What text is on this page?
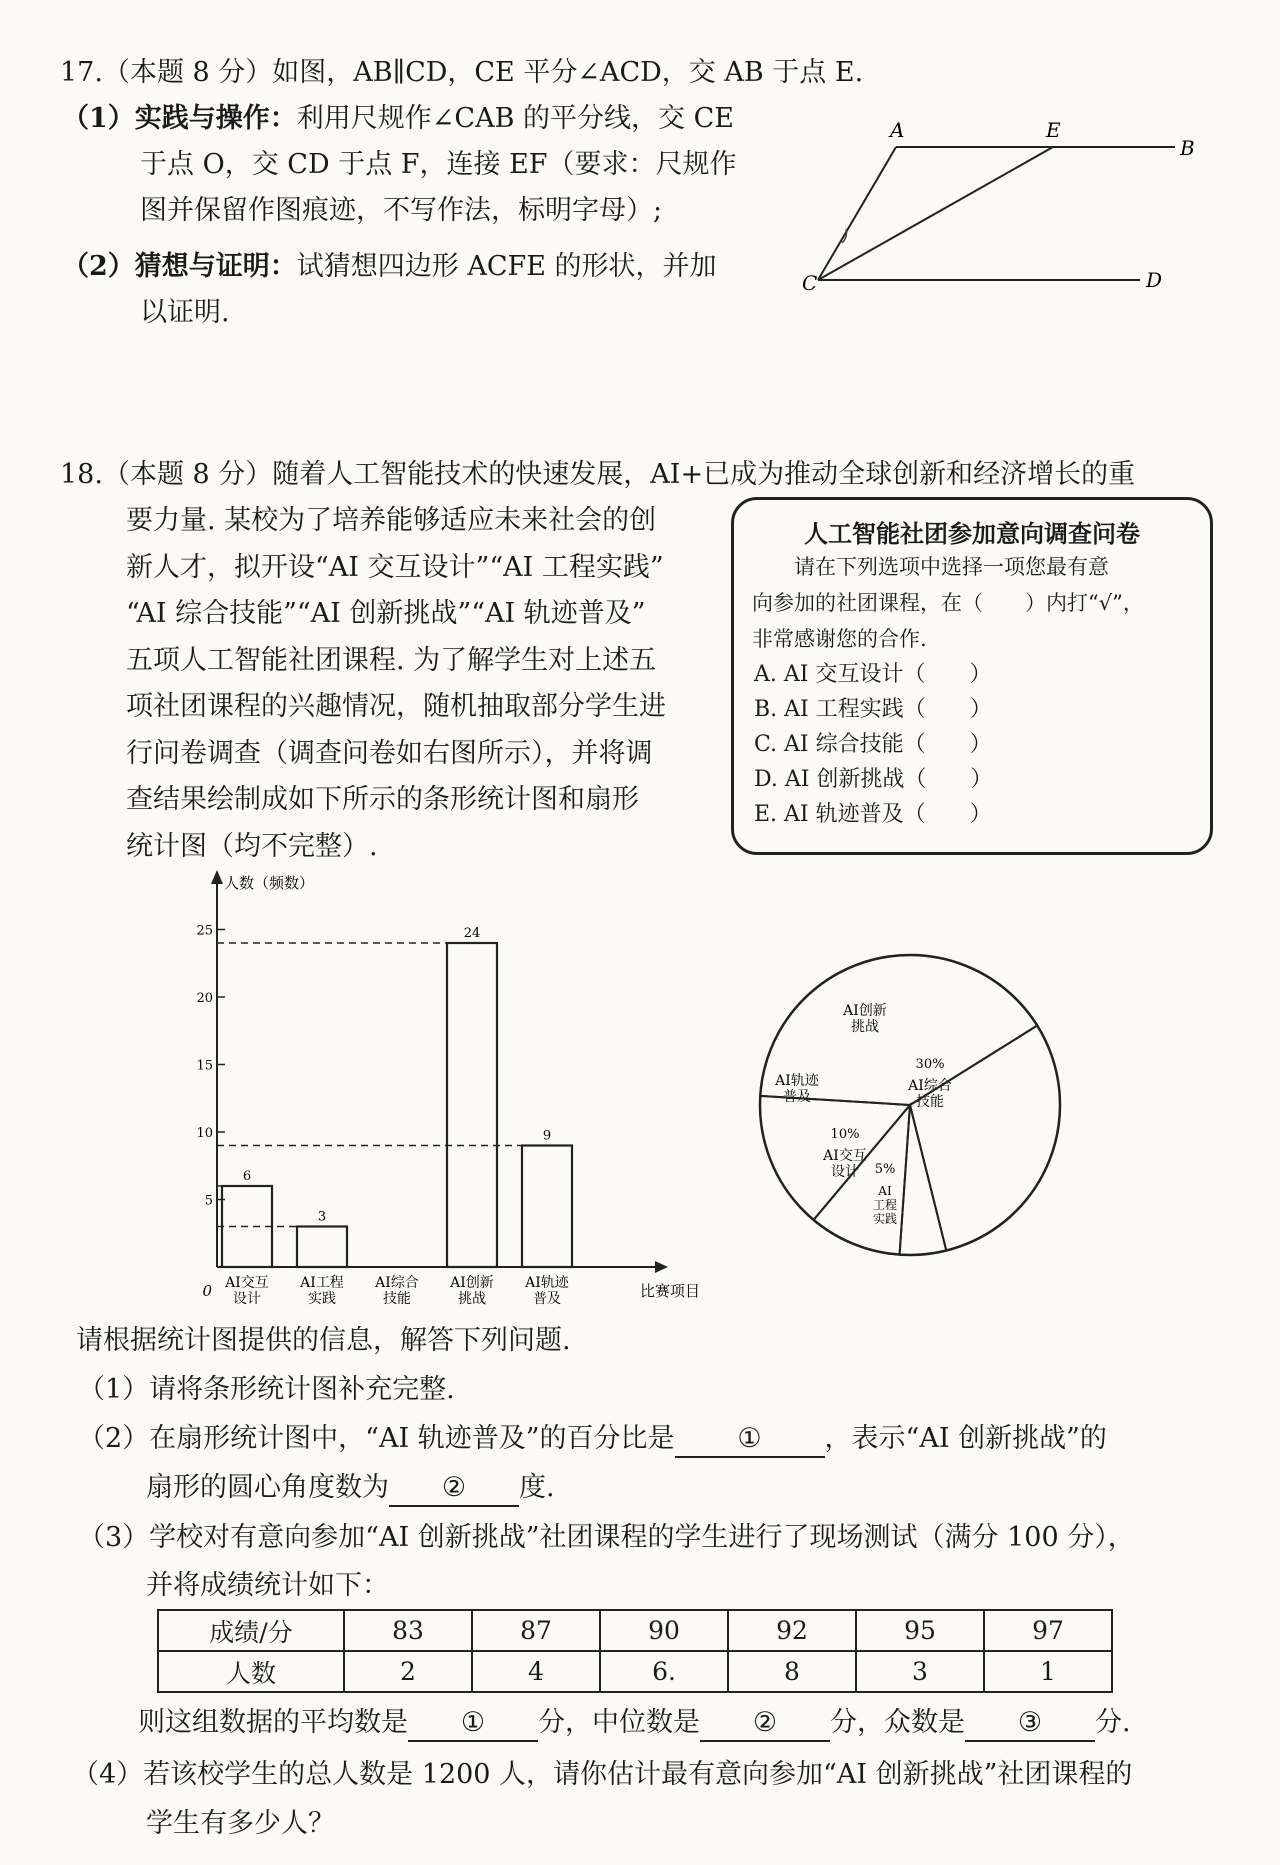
17.（本题 8 分）如图，AB∥CD，CE 平分∠ACD，交 AB 于点 E.
（1）实践与操作：利用尺规作∠CAB 的平分线，交 CE
于点 O，交 CD 于点 F，连接 EF（要求：尺规作
图并保留作图痕迹，不写作法，标明字母）;
（2）猜想与证明：试猜想四边形 ACFE 的形状，并加
以证明.
A	E
B
C	D
18.（本题 8 分）随着人工智能技术的快速发展，AI+已成为推动全球创新和经济增长的重
要力量. 某校为了培养能够适应未来社会的创
新人才，拟开设“AI 交互设计”“AI 工程实践”
“AI 综合技能”“AI 创新挑战”“AI 轨迹普及”
五项人工智能社团课程. 为了解学生对上述五
项社团课程的兴趣情况，随机抽取部分学生进
行问卷调查（调查问卷如右图所示），并将调
查结果绘制成如下所示的条形统计图和扇形
统计图（均不完整）.
人工智能社团参加意向调查问卷
请在下列选项中选择一项您最有意
向参加的社团课程，在（　　）内打“√”，
非常感谢您的合作.
A. AI 交互设计（　　）
B. AI 工程实践（　　）
C. AI 综合技能（　　）
D. AI 创新挑战（　　）
E. AI 轨迹普及（　　）
人数（频数）
比赛项目
0
5
10
15
20
25
6
AI交互
设计
3
AI工程
实践
AI综合
技能
24
AI创新
挑战
9
AI轨迹
普及
AI综合
技能
30%
AI
工程
实践
5%
AI交互
设计
10%
AI轨迹
普及
AI创新
挑战
请根据统计图提供的信息，解答下列问题.
（1）请将条形统计图补充完整.
（2）在扇形统计图中，“AI 轨迹普及”的百分比是 ① ，表示“AI 创新挑战”的
扇形的圆心角度数为 ② 度.
（3）学校对有意向参加“AI 创新挑战”社团课程的学生进行了现场测试（满分 100 分），
并将成绩统计如下：
成绩/分	83	87	90	92	95	97
人数	2	4	6.	8	3	1
则这组数据的平均数是 ① 分，中位数是 ② 分，众数是 ③ 分.
（4）若该校学生的总人数是 1200 人，请你估计最有意向参加“AI 创新挑战”社团课程的
学生有多少人？
